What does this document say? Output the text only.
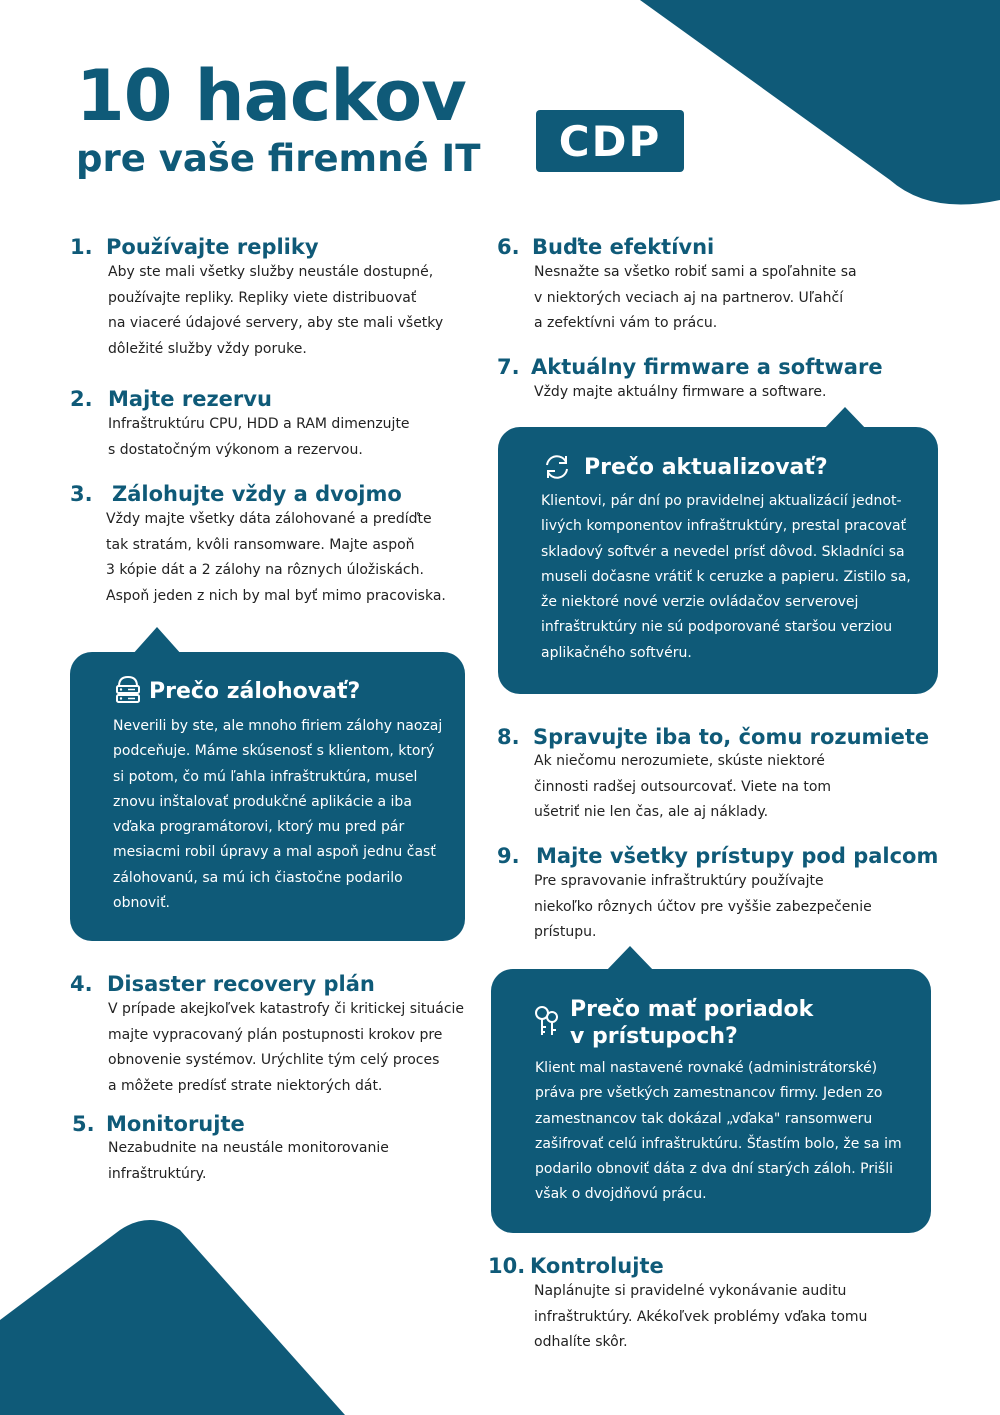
10 hackov
pre vaše firemné IT CDP
1. Používajte repliky
Aby ste mali všetky služby neustále dostupné,
používajte repliky. Repliky viete distribuovať
na viaceré údajové servery, aby ste mali všetky
dôležité služby vždy poruke.
2. Majte rezervu
Infraštruktúru CPU, HDD a RAM dimenzujte
s dostatočným výkonom a rezervou.
3. Zálohujte vždy a dvojmo
Vždy majte všetky dáta zálohované a predíďte
tak stratám, kvôli ransomware. Majte aspoň
3 kópie dát a 2 zálohy na rôznych úložiskách.
Aspoň jeden z nich by mal byť mimo pracoviska.
Prečo zálohovať?
Neverili by ste, ale mnoho firiem zálohy naozaj
podceňuje. Máme skúsenosť s klientom, ktorý
si potom, čo mú ľahla infraštruktúra, musel
znovu inštalovať produkčné aplikácie a iba
vďaka programátorovi, ktorý mu pred pár
mesiacmi robil úpravy a mal aspoň jednu časť
zálohovanú, sa mú ich čiastočne podarilo
obnoviť.
4. Disaster recovery plán
V prípade akejkoľvek katastrofy či kritickej situácie
majte vypracovaný plán postupnosti krokov pre
obnovenie systémov. Urýchlite tým celý proces
a môžete predísť strate niektorých dát.
5. Monitorujte
Nezabudnite na neustále monitorovanie
infraštruktúry.
6. Buďte efektívni
Nesnažte sa všetko robiť sami a spoľahnite sa
v niektorých veciach aj na partnerov. Uľahčí
a zefektívni vám to prácu.
7. Aktuálny firmware a software
Vždy majte aktuálny firmware a software.
Prečo aktualizovať?
Klientovi, pár dní po pravidelnej aktualizácií jednot-
livých komponentov infraštruktúry, prestal pracovať
skladový softvér a nevedel prísť dôvod. Skladníci sa
museli dočasne vrátiť k ceruzke a papieru. Zistilo sa,
že niektoré nové verzie ovládačov serverovej
infraštruktúry nie sú podporované staršou verziou
aplikačného softvéru.
8. Spravujte iba to, čomu rozumiete
Ak niečomu nerozumiete, skúste niektoré
činnosti radšej outsourcovať. Viete na tom
ušetriť nie len čas, ale aj náklady.
9. Majte všetky prístupy pod palcom
Pre spravovanie infraštruktúry používajte
niekoľko rôznych účtov pre vyššie zabezpečenie
prístupu.
Prečo mať poriadok
v prístupoch?
Klient mal nastavené rovnaké (administrátorské)
práva pre všetkých zamestnancov firmy. Jeden zo
zamestnancov tak dokázal „vďaka" ransomweru
zašifrovať celú infraštruktúru. Šťastím bolo, že sa im
podarilo obnoviť dáta z dva dní starých záloh. Prišli
však o dvojdňovú prácu.
10. Kontrolujte
Naplánujte si pravidelné vykonávanie auditu
infraštruktúry. Akékoľvek problémy vďaka tomu
odhalíte skôr.
